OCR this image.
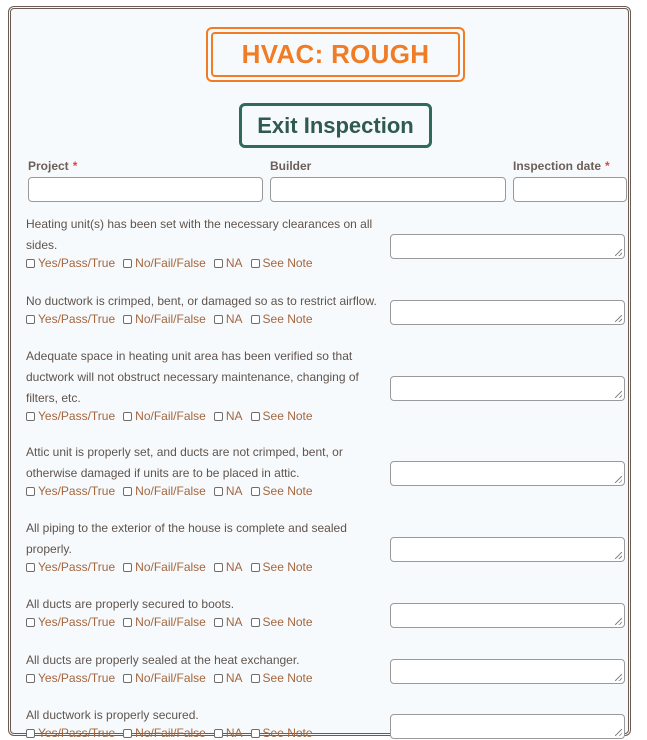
HVAC: ROUGH
Exit Inspection
Project *	Builder	Inspection date *
Heating unit(s) has been set with the necessary clearances on all sides.
Yes/Pass/True No/Fail/False NA See Note
No ductwork is crimped, bent, or damaged so as to restrict airflow.
Yes/Pass/True No/Fail/False NA See Note
Adequate space in heating unit area has been verified so that ductwork will not obstruct necessary maintenance, changing of filters, etc.
Yes/Pass/True No/Fail/False NA See Note
Attic unit is properly set, and ducts are not crimped, bent, or otherwise damaged if units are to be placed in attic.
Yes/Pass/True No/Fail/False NA See Note
All piping to the exterior of the house is complete and sealed properly.
Yes/Pass/True No/Fail/False NA See Note
All ducts are properly secured to boots.
Yes/Pass/True No/Fail/False NA See Note
All ducts are properly sealed at the heat exchanger.
Yes/Pass/True No/Fail/False NA See Note
All ductwork is properly secured.
Yes/Pass/True No/Fail/False NA See Note
